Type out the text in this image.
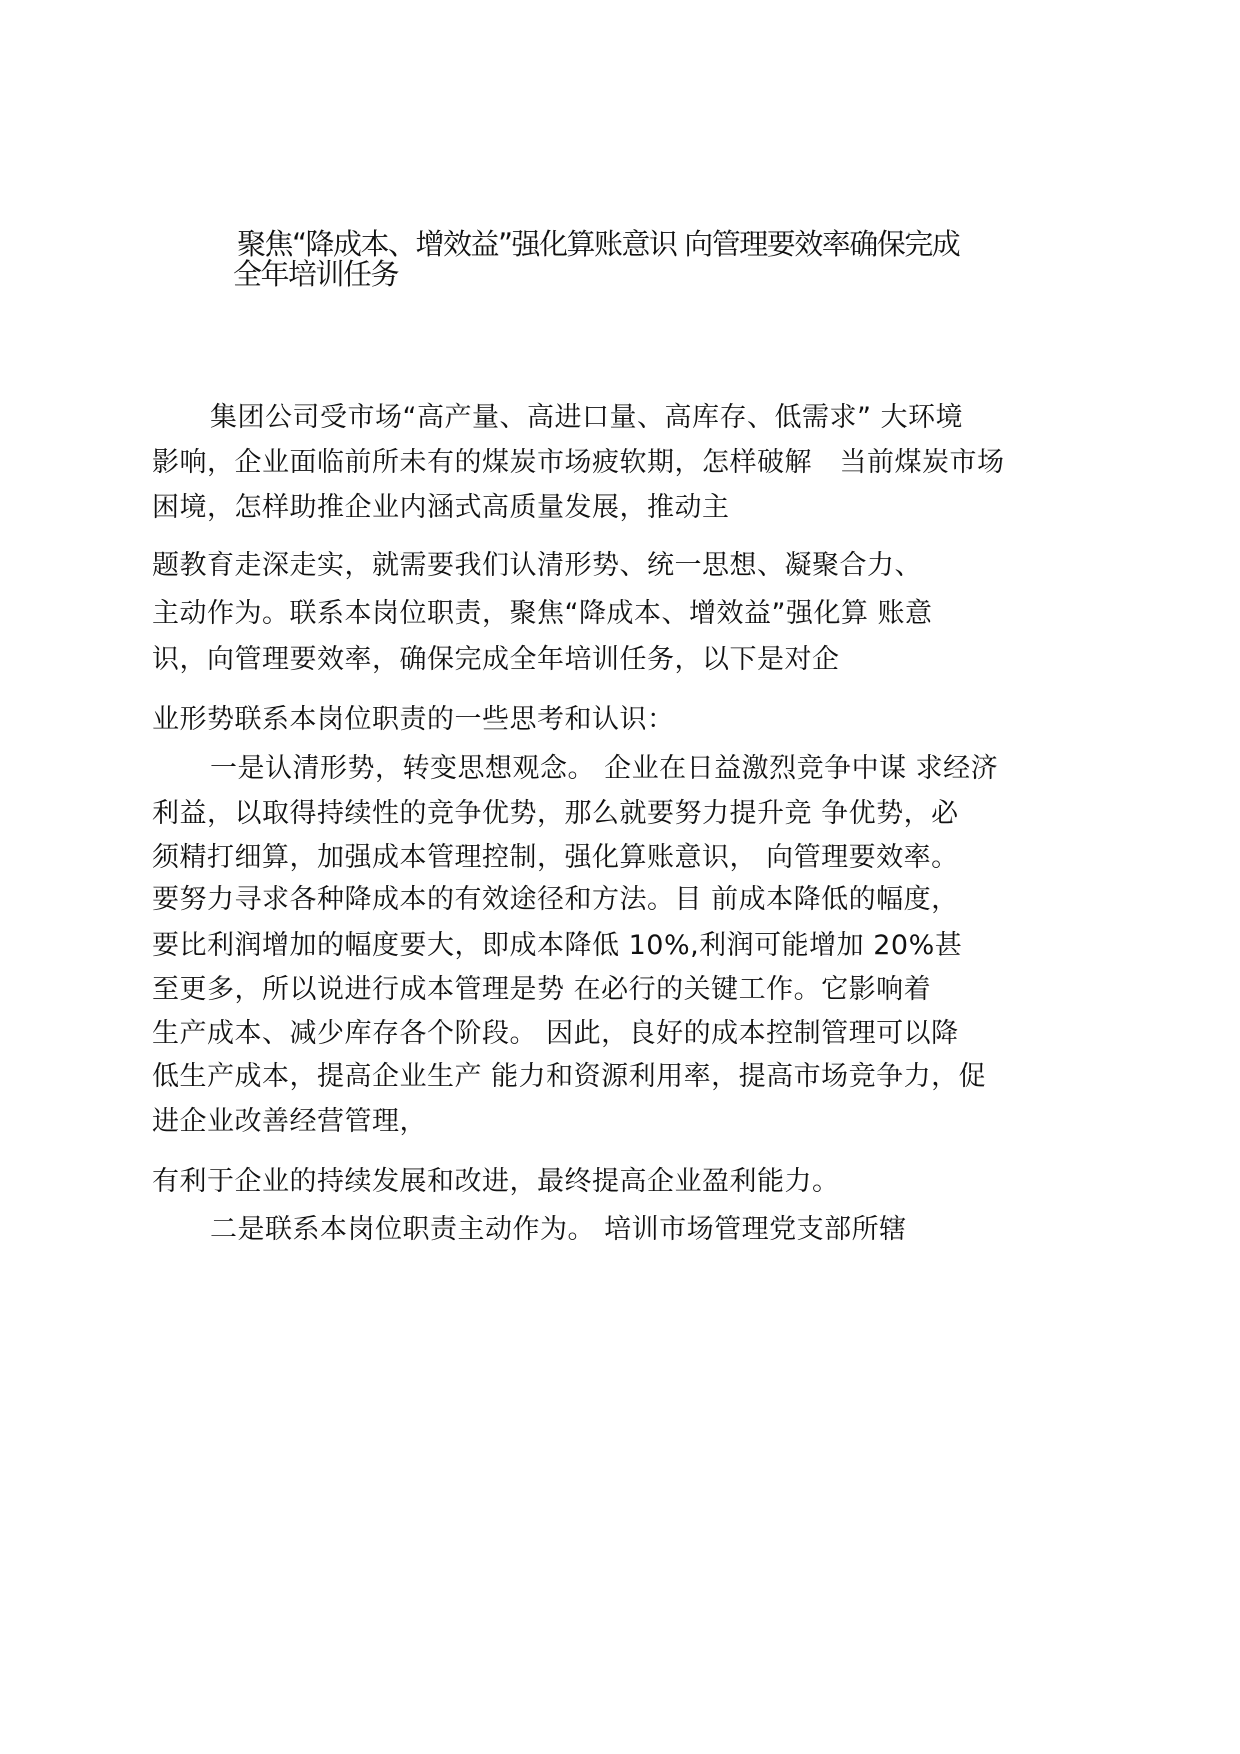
聚焦“降成本、增效益”强化算账意识 向管理要效率确保完成
全年培训任务
集团公司受市场“高产量、高进口量、高库存、低需求” 大环境
影响，企业面临前所未有的煤炭市场疲软期，怎样破解　当前煤炭市场
困境，怎样助推企业内涵式高质量发展，推动主
题教育走深走实，就需要我们认清形势、统一思想、凝聚合力、
主动作为。联系本岗位职责，聚焦“降成本、增效益”强化算 账意
识，向管理要效率，确保完成全年培训任务，以下是对企
业形势联系本岗位职责的一些思考和认识：
一是认清形势，转变思想观念。 企业在日益激烈竞争中谋 求经济
利益，以取得持续性的竞争优势，那么就要努力提升竞 争优势，必
须精打细算，加强成本管理控制，强化算账意识， 向管理要效率。
要努力寻求各种降成本的有效途径和方法。目 前成本降低的幅度，
要比利润增加的幅度要大，即成本降低 10%,利润可能增加 20%甚
至更多，所以说进行成本管理是势 在必行的关键工作。它影响着
生产成本、减少库存各个阶段。 因此，良好的成本控制管理可以降
低生产成本，提高企业生产 能力和资源利用率，提高市场竞争力，促
进企业改善经营管理，
有利于企业的持续发展和改进，最终提高企业盈利能力。
二是联系本岗位职责主动作为。 培训市场管理党支部所辖
